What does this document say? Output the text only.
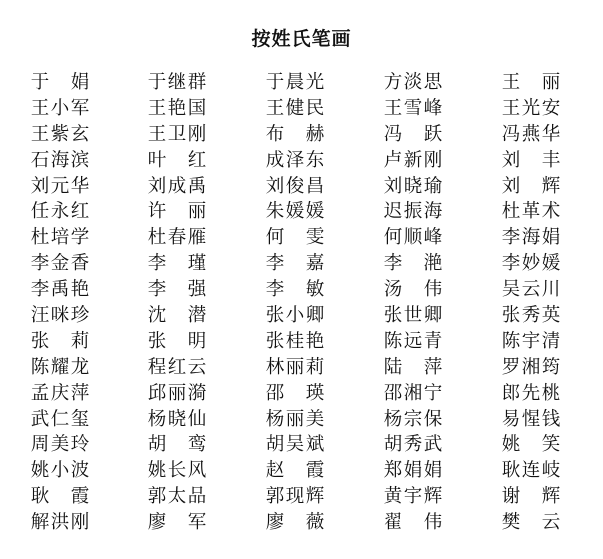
按姓氏笔画
于 娟	于 继 群	于 晨 光	方 淡 思	王 丽
王 小 军	王 艳 国	王 健 民	王 雪 峰	王 光 安
王 紫 玄	王 卫 刚	布 赫	冯 跃	冯 燕 华
石 海 滨	叶 红	成 泽 东	卢 新 刚	刘 丰
刘 元 华	刘 成 禹	刘 俊 昌	刘 晓 瑜	刘 辉
任 永 红	许 丽	朱 媛 媛	迟 振 海	杜 革 术
杜 培 学	杜 春 雁	何 雯	何 顺 峰	李 海 娟
李 金 香	李 瑾	李 嘉	李 滟	李 妙 媛
李 禹 艳	李 强	李 敏	汤 伟	吴 云 川
汪 咪 珍	沈 潜	张 小 卿	张 世 卿	张 秀 英
张 莉	张 明	张 桂 艳	陈 远 青	陈 宇 清
陈 耀 龙	程 红 云	林 丽 莉	陆 萍	罗 湘 筠
孟 庆 萍	邱 丽 漪	邵 瑛	邵 湘 宁	郎 先 桃
武 仁 玺	杨 晓 仙	杨 丽 美	杨 宗 保	易 惺 钱
周 美 玲	胡 鸾	胡 吴 斌	胡 秀 武	姚 笑
姚 小 波	姚 长 风	赵 霞	郑 娟 娟	耿 连 岐
耿 霞	郭 太 品	郭 现 辉	黄 宇 辉	谢 辉
解 洪 刚	廖 军	廖 薇	翟 伟	樊 云
